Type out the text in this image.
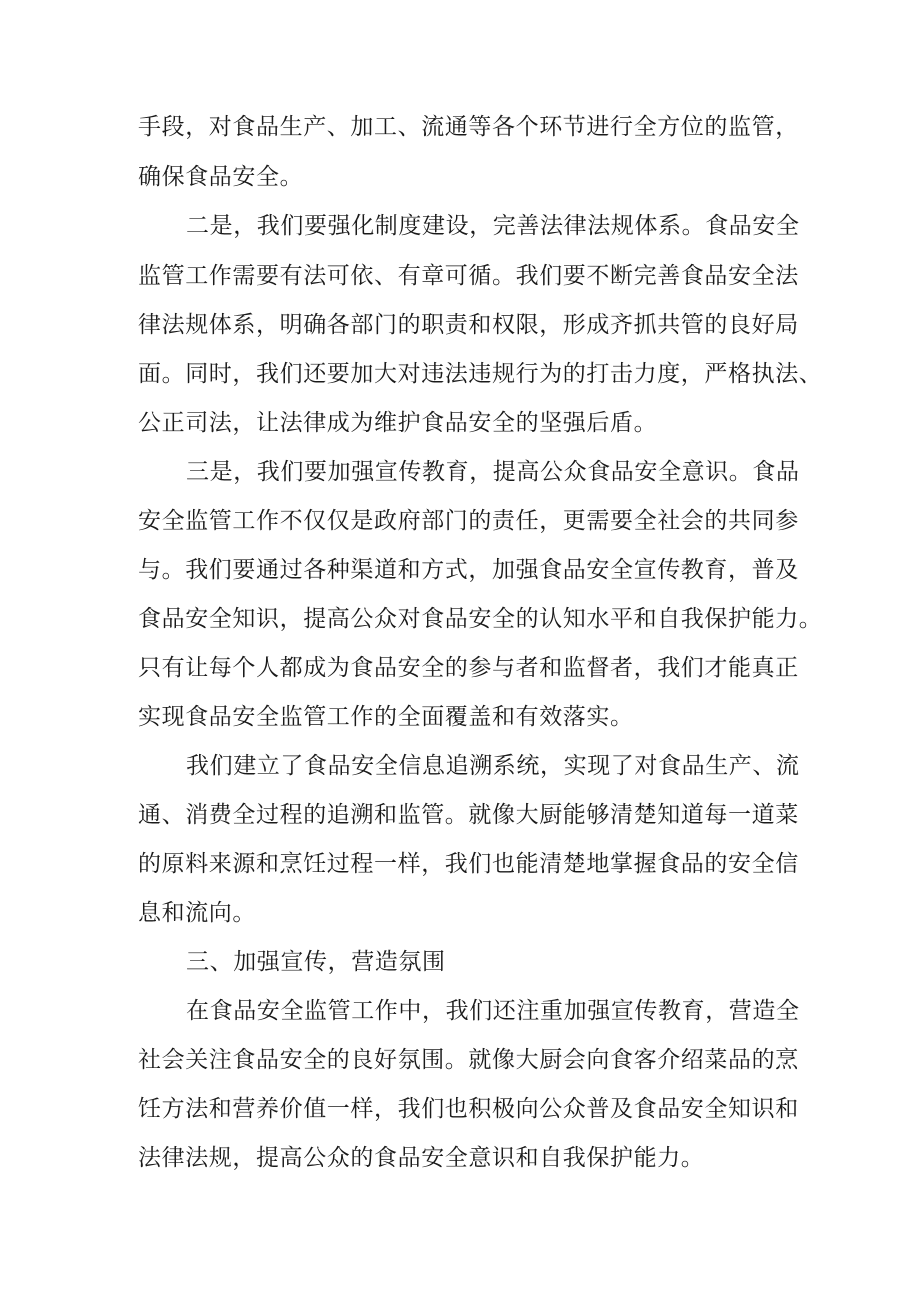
手段，对食品生产、加工、流通等各个环节进行全方位的监管，

确保食品安全。

二是，我们要强化制度建设，完善法律法规体系。食品安全

监管工作需要有法可依、有章可循。我们要不断完善食品安全法

律法规体系，明确各部门的职责和权限，形成齐抓共管的良好局

面。同时，我们还要加大对违法违规行为的打击力度，严格执法、

公正司法，让法律成为维护食品安全的坚强后盾。

三是，我们要加强宣传教育，提高公众食品安全意识。食品

安全监管工作不仅仅是政府部门的责任，更需要全社会的共同参

与。我们要通过各种渠道和方式，加强食品安全宣传教育，普及

食品安全知识，提高公众对食品安全的认知水平和自我保护能力。

只有让每个人都成为食品安全的参与者和监督者，我们才能真正

实现食品安全监管工作的全面覆盖和有效落实。

我们建立了食品安全信息追溯系统，实现了对食品生产、流

通、消费全过程的追溯和监管。就像大厨能够清楚知道每一道菜

的原料来源和烹饪过程一样，我们也能清楚地掌握食品的安全信

息和流向。

三、加强宣传，营造氛围

在食品安全监管工作中，我们还注重加强宣传教育，营造全

社会关注食品安全的良好氛围。就像大厨会向食客介绍菜品的烹

饪方法和营养价值一样，我们也积极向公众普及食品安全知识和

法律法规，提高公众的食品安全意识和自我保护能力。
